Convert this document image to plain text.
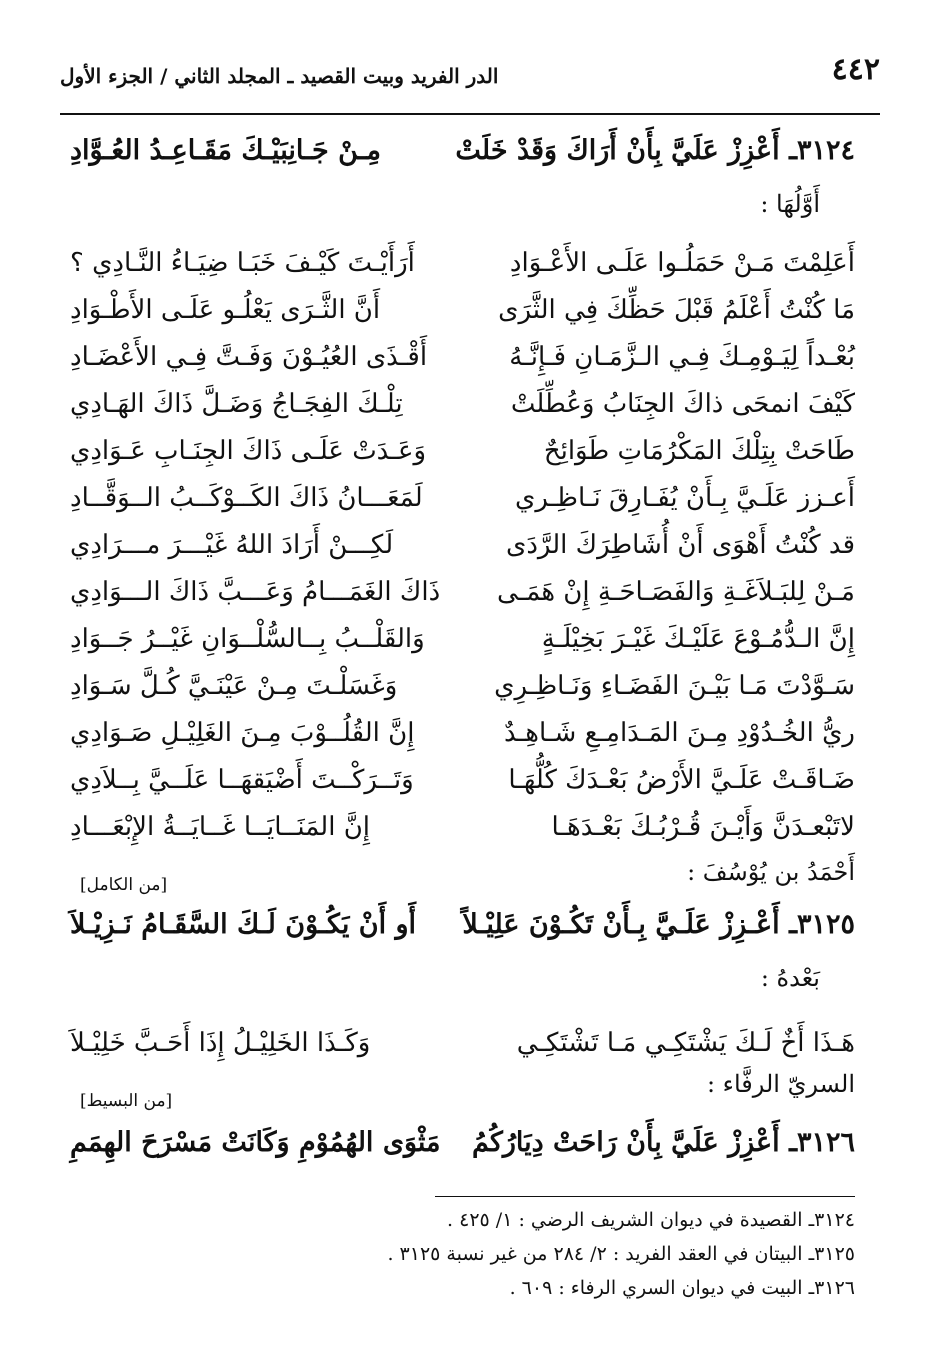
٤٤٢
الدر الفريد وبيت القصيد ـ المجلد الثاني / الجزء الأول
٣١٢٤ـ أَعْزِزْ عَلَيَّ بِأَنْ أَرَاكَ وَقَدْ خَلَتْ
مِـنْ جَـانِبَيْـكَ مَقَـاعِـدُ العُـوَّادِ
أَوَّلُهَا :
أَعَلِمْتَ مَـنْ حَمَلُـوا عَلَـى الأَعْـوَادِ
أَرَأَيْـتَ كَيْـفَ خَبَـا ضِيَـاءُ النَّـادِي ؟
مَا كُنْتُ أَعْلَمُ قَبْلَ حَظِّكَ فِي الثَّرَى
أَنَّ الثَّـرَى يَعْلُـو عَلَـى الأَطْـوَادِ
بُعْـداً لِيَـوْمِـكَ فِـي الـزَّمَـانِ فَـإِنَّـهُ
أَقْـذَى العُيُـوْنَ وَفَـتَّ فِـي الأَعْضَـادِ
كَيْفَ انمحَى ذاكَ الجِنَابُ وَعُطِّلَتْ
تِلْـكَ الفِجَـاجُ وَضَـلَّ ذَاكَ الهَـادِي
طَاحَتْ بِتِلْكَ المَكْرُمَاتِ طَوَائِحٌ
وَعَـدَتْ عَلَـى ذَاكَ الجِنَـابِ عَـوَادِي
أَعـزز عَلَـيَّ بِـأَنْ يُفَـارِقَ نَـاظِـري
لَمَعَـــانُ ذَاكَ الكَــوْكَــبُ الــوَقَّــادِ
قد كُنْتُ أَهْوَى أَنْ أُشَاطِرَكَ الرَّدَى
لَكِـــنْ أَرَادَ اللهُ غَيْـــرَ مـــرَادِي
مَـنْ لِلبَـلاَغَـةِ وَالفَصَـاحَـةِ إِنْ هَمَـى
ذَاكَ الغَمَـــامُ وَعَـــبَّ ذَاكَ الـــوَادِي
إِنَّ الـدُّمُـوْعَ عَلَيْـكَ غَيْـرَ بَخِيْلَـةٍ
وَالقَلْــبُ بِــالسُّلْــوَانِ غَيْــرُ جَــوَادِ
سَـوَّدْتَ مَـا بَيْـنَ الفَضَـاءِ وَنَـاظِـرِي
وَغَسَلْـتَ مِـنْ عَيْنَـيَّ كُـلَّ سَـوَادِ
ريُّ الخُـدُوْدِ مِـنَ المَـدَامِـعِ شَـاهِـدٌ
إِنَّ القُلُــوْبَ مِـنَ الغَلِيْـلِ صَـوَادِي
ضَـاقَـتْ عَلَـيَّ الأَرْضُ بَعْـدَكَ كُلُّهَـا
وَتَــرَكْــتَ أَضْيَقهَــا عَلَــيَّ بِــلاَدِي
لاتَبْعـدَنَّ وَأَيْـنَ قُـرْبُـكَ بَعْـدَهَـا
إِنَّ المَنَــايَــا غَــايَــةُ الإِبْعَـــادِ
أَحْمَدُ بن يُوْسُفَ :
[من الكامل]
٣١٢٥ـ أَعْـزِزْ عَلَـيَّ بِـأَنْ تَكُـوْنَ عَلِيْـلاً
أَو أَنْ يَكُـوْنَ لَـكَ السَّقَـامُ نَـزِيْـلاَ
بَعْدهُ :
هَـذَا أَخٌ لَـكَ يَشْتَكِـي مَـا تَشْتَكِـي
وَكَـذَا الخَلِيْـلُ إِذَا أَحَـبَّ خَلِيْـلاَ
السريّ الرفَّاء :
[من البسيط]
٣١٢٦ـ أَعْزِزْ عَلَيَّ بِأَنْ رَاحَتْ دِيَارُكُمُ
مَثْوَى الهُمُوْمِ وَكَانَتْ مَسْرَحَ الهِمَمِ
٣١٢٤ـ القصيدة في ديوان الشريف الرضي : ١/ ٤٢٥ .
٣١٢٥ـ البيتان في العقد الفريد : ٢/ ٢٨٤ من غير نسبة ٣١٢٥ .
٣١٢٦ـ البيت في ديوان السري الرفاء : ٦٠٩ .
